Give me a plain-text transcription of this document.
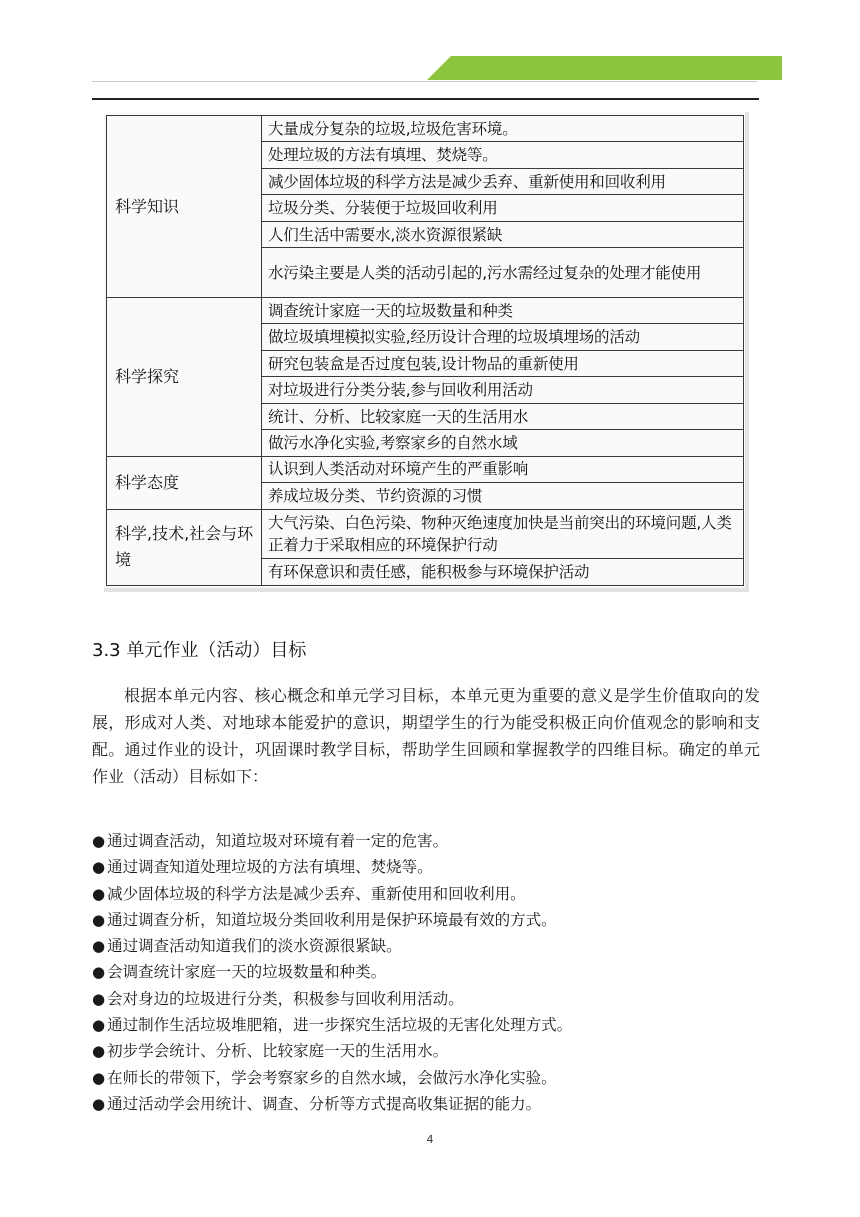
科学知识	大量成分复杂的垃圾,垃圾危害环境。
	处理垃圾的方法有填埋、焚烧等。
	减少固体垃圾的科学方法是减少丢弃、重新使用和回收利用
	垃圾分类、分装便于垃圾回收利用
	人们生活中需要水,淡水资源很紧缺
	水污染主要是人类的活动引起的,污水需经过复杂的处理才能使用
科学探究	调查统计家庭一天的垃圾数量和种类
	做垃圾填埋模拟实验,经历设计合理的垃圾填埋场的活动
	研究包装盒是否过度包装,设计物品的重新使用
	对垃圾进行分类分装,参与回收利用活动
	统计、分析、比较家庭一天的生活用水
	做污水净化实验,考察家乡的自然水域
科学态度	认识到人类活动对环境产生的严重影响
	养成垃圾分类、节约资源的习惯
科学,技术,社会与环境	大气污染、白色污染、物种灭绝速度加快是当前突出的环境问题,人类正着力于采取相应的环境保护行动
	有环保意识和责任感，能积极参与环境保护活动
3.3 单元作业（活动）目标

根据本单元内容、核心概念和单元学习目标，本单元更为重要的意义是学生价值取向的发展，形成对人类、对地球本能爱护的意识，期望学生的行为能受积极正向价值观念的影响和支配。通过作业的设计，巩固课时教学目标，帮助学生回顾和掌握教学的四维目标。确定的单元作业（活动）目标如下：

● 通过调查活动，知道垃圾对环境有着一定的危害。
● 通过调查知道处理垃圾的方法有填埋、焚烧等。
● 减少固体垃圾的科学方法是减少丢弃、重新使用和回收利用。
● 通过调查分析，知道垃圾分类回收利用是保护环境最有效的方式。
● 通过调查活动知道我们的淡水资源很紧缺。
● 会调查统计家庭一天的垃圾数量和种类。
● 会对身边的垃圾进行分类，积极参与回收利用活动。
● 通过制作生活垃圾堆肥箱，进一步探究生活垃圾的无害化处理方式。
● 初步学会统计、分析、比较家庭一天的生活用水。
● 在师长的带领下，学会考察家乡的自然水域，会做污水净化实验。
● 通过活动学会用统计、调查、分析等方式提高收集证据的能力。
4
